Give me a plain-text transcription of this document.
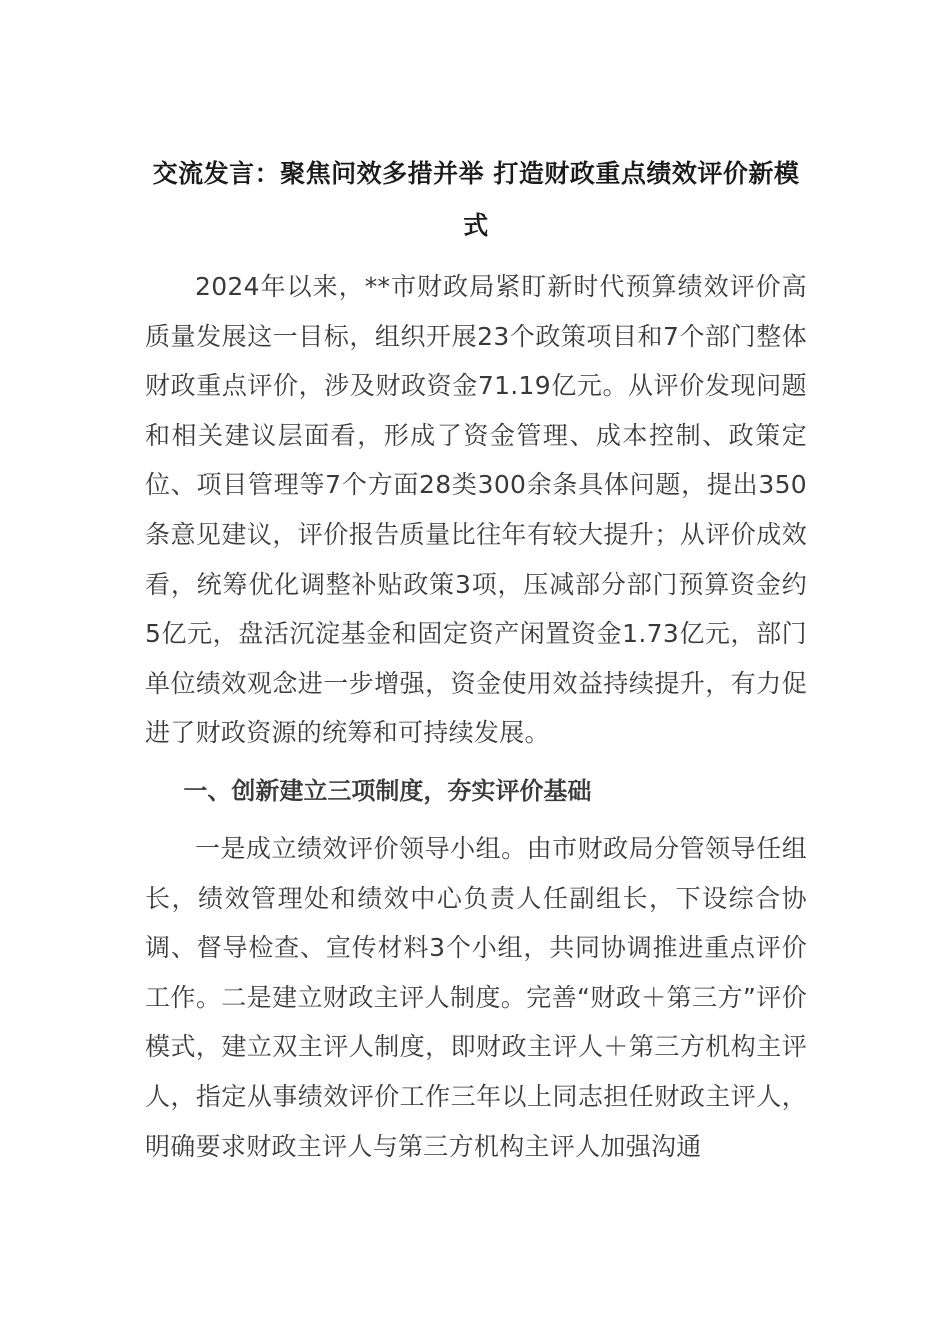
交流发言：聚焦问效多措并举 打造财政重点绩效评价新模式

2024年以来，**市财政局紧盯新时代预算绩效评价高质量发展这一目标，组织开展23个政策项目和7个部门整体财政重点评价，涉及财政资金71.19亿元。从评价发现问题和相关建议层面看，形成了资金管理、成本控制、政策定位、项目管理等7个方面28类300余条具体问题，提出350条意见建议，评价报告质量比往年有较大提升；从评价成效看，统筹优化调整补贴政策3项，压减部分部门预算资金约5亿元，盘活沉淀基金和固定资产闲置资金1.73亿元，部门单位绩效观念进一步增强，资金使用效益持续提升，有力促进了财政资源的统筹和可持续发展。

一、创新建立三项制度，夯实评价基础

一是成立绩效评价领导小组。由市财政局分管领导任组长，绩效管理处和绩效中心负责人任副组长，下设综合协调、督导检查、宣传材料3个小组，共同协调推进重点评价工作。二是建立财政主评人制度。完善“财政＋第三方”评价模式，建立双主评人制度，即财政主评人＋第三方机构主评人，指定从事绩效评价工作三年以上同志担任财政主评人，明确要求财政主评人与第三方机构主评人加强沟通
